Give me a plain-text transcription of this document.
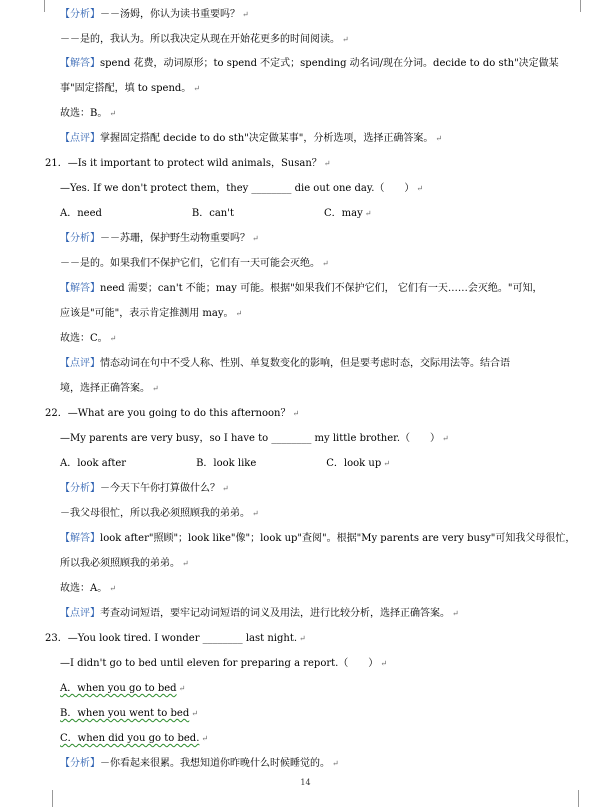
【分析】－－汤姆，你认为读书重要吗？ ↵
－－是的，我认为。所以我决定从现在开始花更多的时间阅读。 ↵
【解答】spend 花费，动词原形；to spend 不定式；spending 动名词/现在分词。decide to do sth"决定做某
事"固定搭配，填 to spend。 ↵
故选：B。 ↵
【点评】掌握固定搭配 decide to do sth"决定做某事"，分析选项，选择正确答案。 ↵
21．—Is it important to protect wild animals，Susan？ ↵
—Yes. If we don't protect them，they ________ die out one day.（　　） ↵
A．need　　　　　　　　　B．can't　　　　　　　　　C．may ↵
【分析】－－苏珊，保护野生动物重要吗？ ↵
－－是的。如果我们不保护它们，它们有一天可能会灭绝。 ↵
【解答】need 需要；can't 不能；may 可能。根据"如果我们不保护它们， 它们有一天……会灭绝。"可知，
应该是"可能"，表示肯定推测用 may。 ↵
故选：C。 ↵
【点评】情态动词在句中不受人称、性别、单复数变化的影响，但是要考虑时态，交际用法等。结合语
境，选择正确答案。 ↵
22．—What are you going to do this afternoon？ ↵
—My parents are very busy，so I have to ________ my little brother.（　　） ↵
A．look after　　　　　　　B．look like　　　　　　　C．look up ↵
【分析】－今天下午你打算做什么？ ↵
－我父母很忙，所以我必须照顾我的弟弟。 ↵
【解答】look after"照顾"；look like"像"；look up"查阅"。根据"My parents are very busy"可知我父母很忙，
所以我必须照顾我的弟弟。 ↵
故选：A。 ↵
【点评】考查动词短语，要牢记动词短语的词义及用法，进行比较分析，选择正确答案。 ↵
23．—You look tired. I wonder ________ last night. ↵
—I didn't go to bed until eleven for preparing a report.（　　） ↵
A．when you go to bed ↵
B．when you went to bed ↵
C．when did you go to bed. ↵
【分析】－你看起来很累。我想知道你昨晚什么时候睡觉的。 ↵
14
